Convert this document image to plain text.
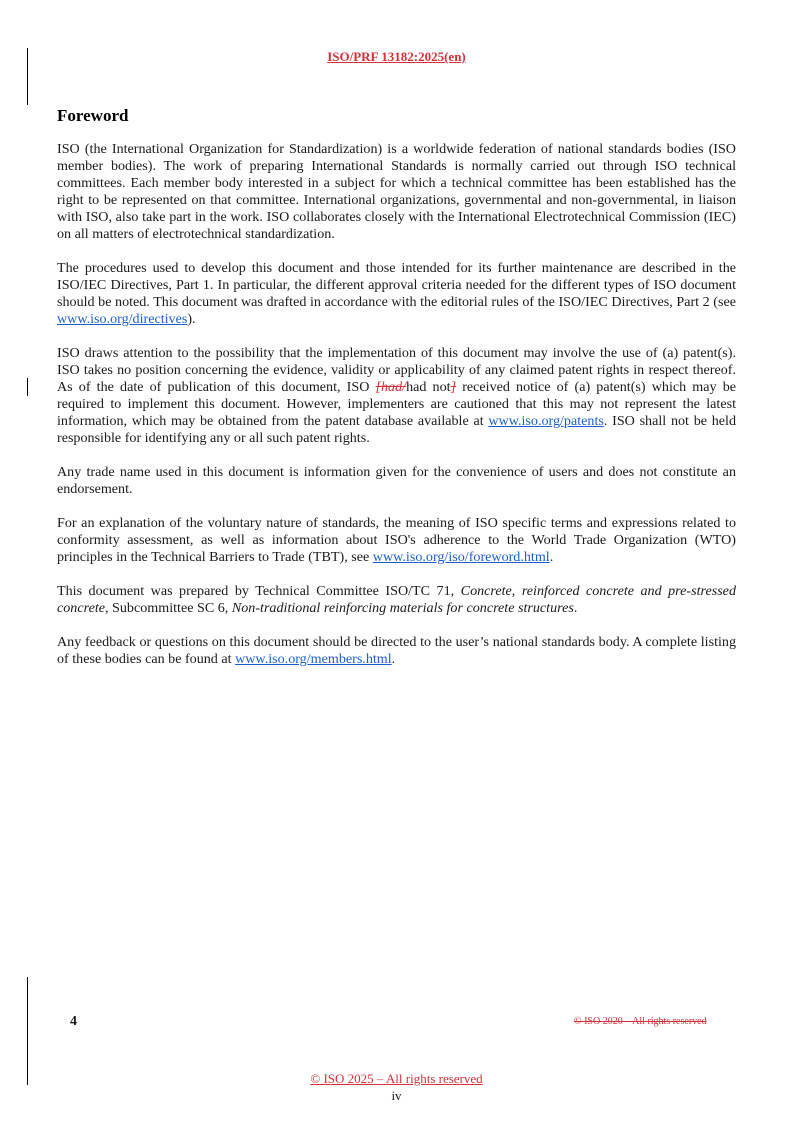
ISO/PRF 13182:2025(en)
Foreword

ISO (the International Organization for Standardization) is a worldwide federation of national standards bodies (ISO member bodies). The work of preparing International Standards is normally carried out through ISO technical committees. Each member body interested in a subject for which a technical committee has been established has the right to be represented on that committee. International organizations, governmental and non-governmental, in liaison with ISO, also take part in the work. ISO collaborates closely with the International Electrotechnical Commission (IEC) on all matters of electrotechnical standardization.

The procedures used to develop this document and those intended for its further maintenance are described in the ISO/IEC Directives, Part 1. In particular, the different approval criteria needed for the different types of ISO document should be noted. This document was drafted in accordance with the editorial rules of the ISO/IEC Directives, Part 2 (see www.iso.org/directives).

ISO draws attention to the possibility that the implementation of this document may involve the use of (a) patent(s). ISO takes no position concerning the evidence, validity or applicability of any claimed patent rights in respect thereof. As of the date of publication of this document, ISO [had/had not] received notice of (a) patent(s) which may be required to implement this document. However, implementers are cautioned that this may not represent the latest information, which may be obtained from the patent database available at www.iso.org/patents. ISO shall not be held responsible for identifying any or all such patent rights.

Any trade name used in this document is information given for the convenience of users and does not constitute an endorsement.

For an explanation of the voluntary nature of standards, the meaning of ISO specific terms and expressions related to conformity assessment, as well as information about ISO's adherence to the World Trade Organization (WTO) principles in the Technical Barriers to Trade (TBT), see www.iso.org/iso/foreword.html.

This document was prepared by Technical Committee ISO/TC 71, Concrete, reinforced concrete and pre-stressed concrete, Subcommittee SC 6, Non-traditional reinforcing materials for concrete structures.

Any feedback or questions on this document should be directed to the user’s national standards body. A complete listing of these bodies can be found at www.iso.org/members.html.

4	© ISO 2020 – All rights reserved
© ISO 2025 – All rights reserved
iv
